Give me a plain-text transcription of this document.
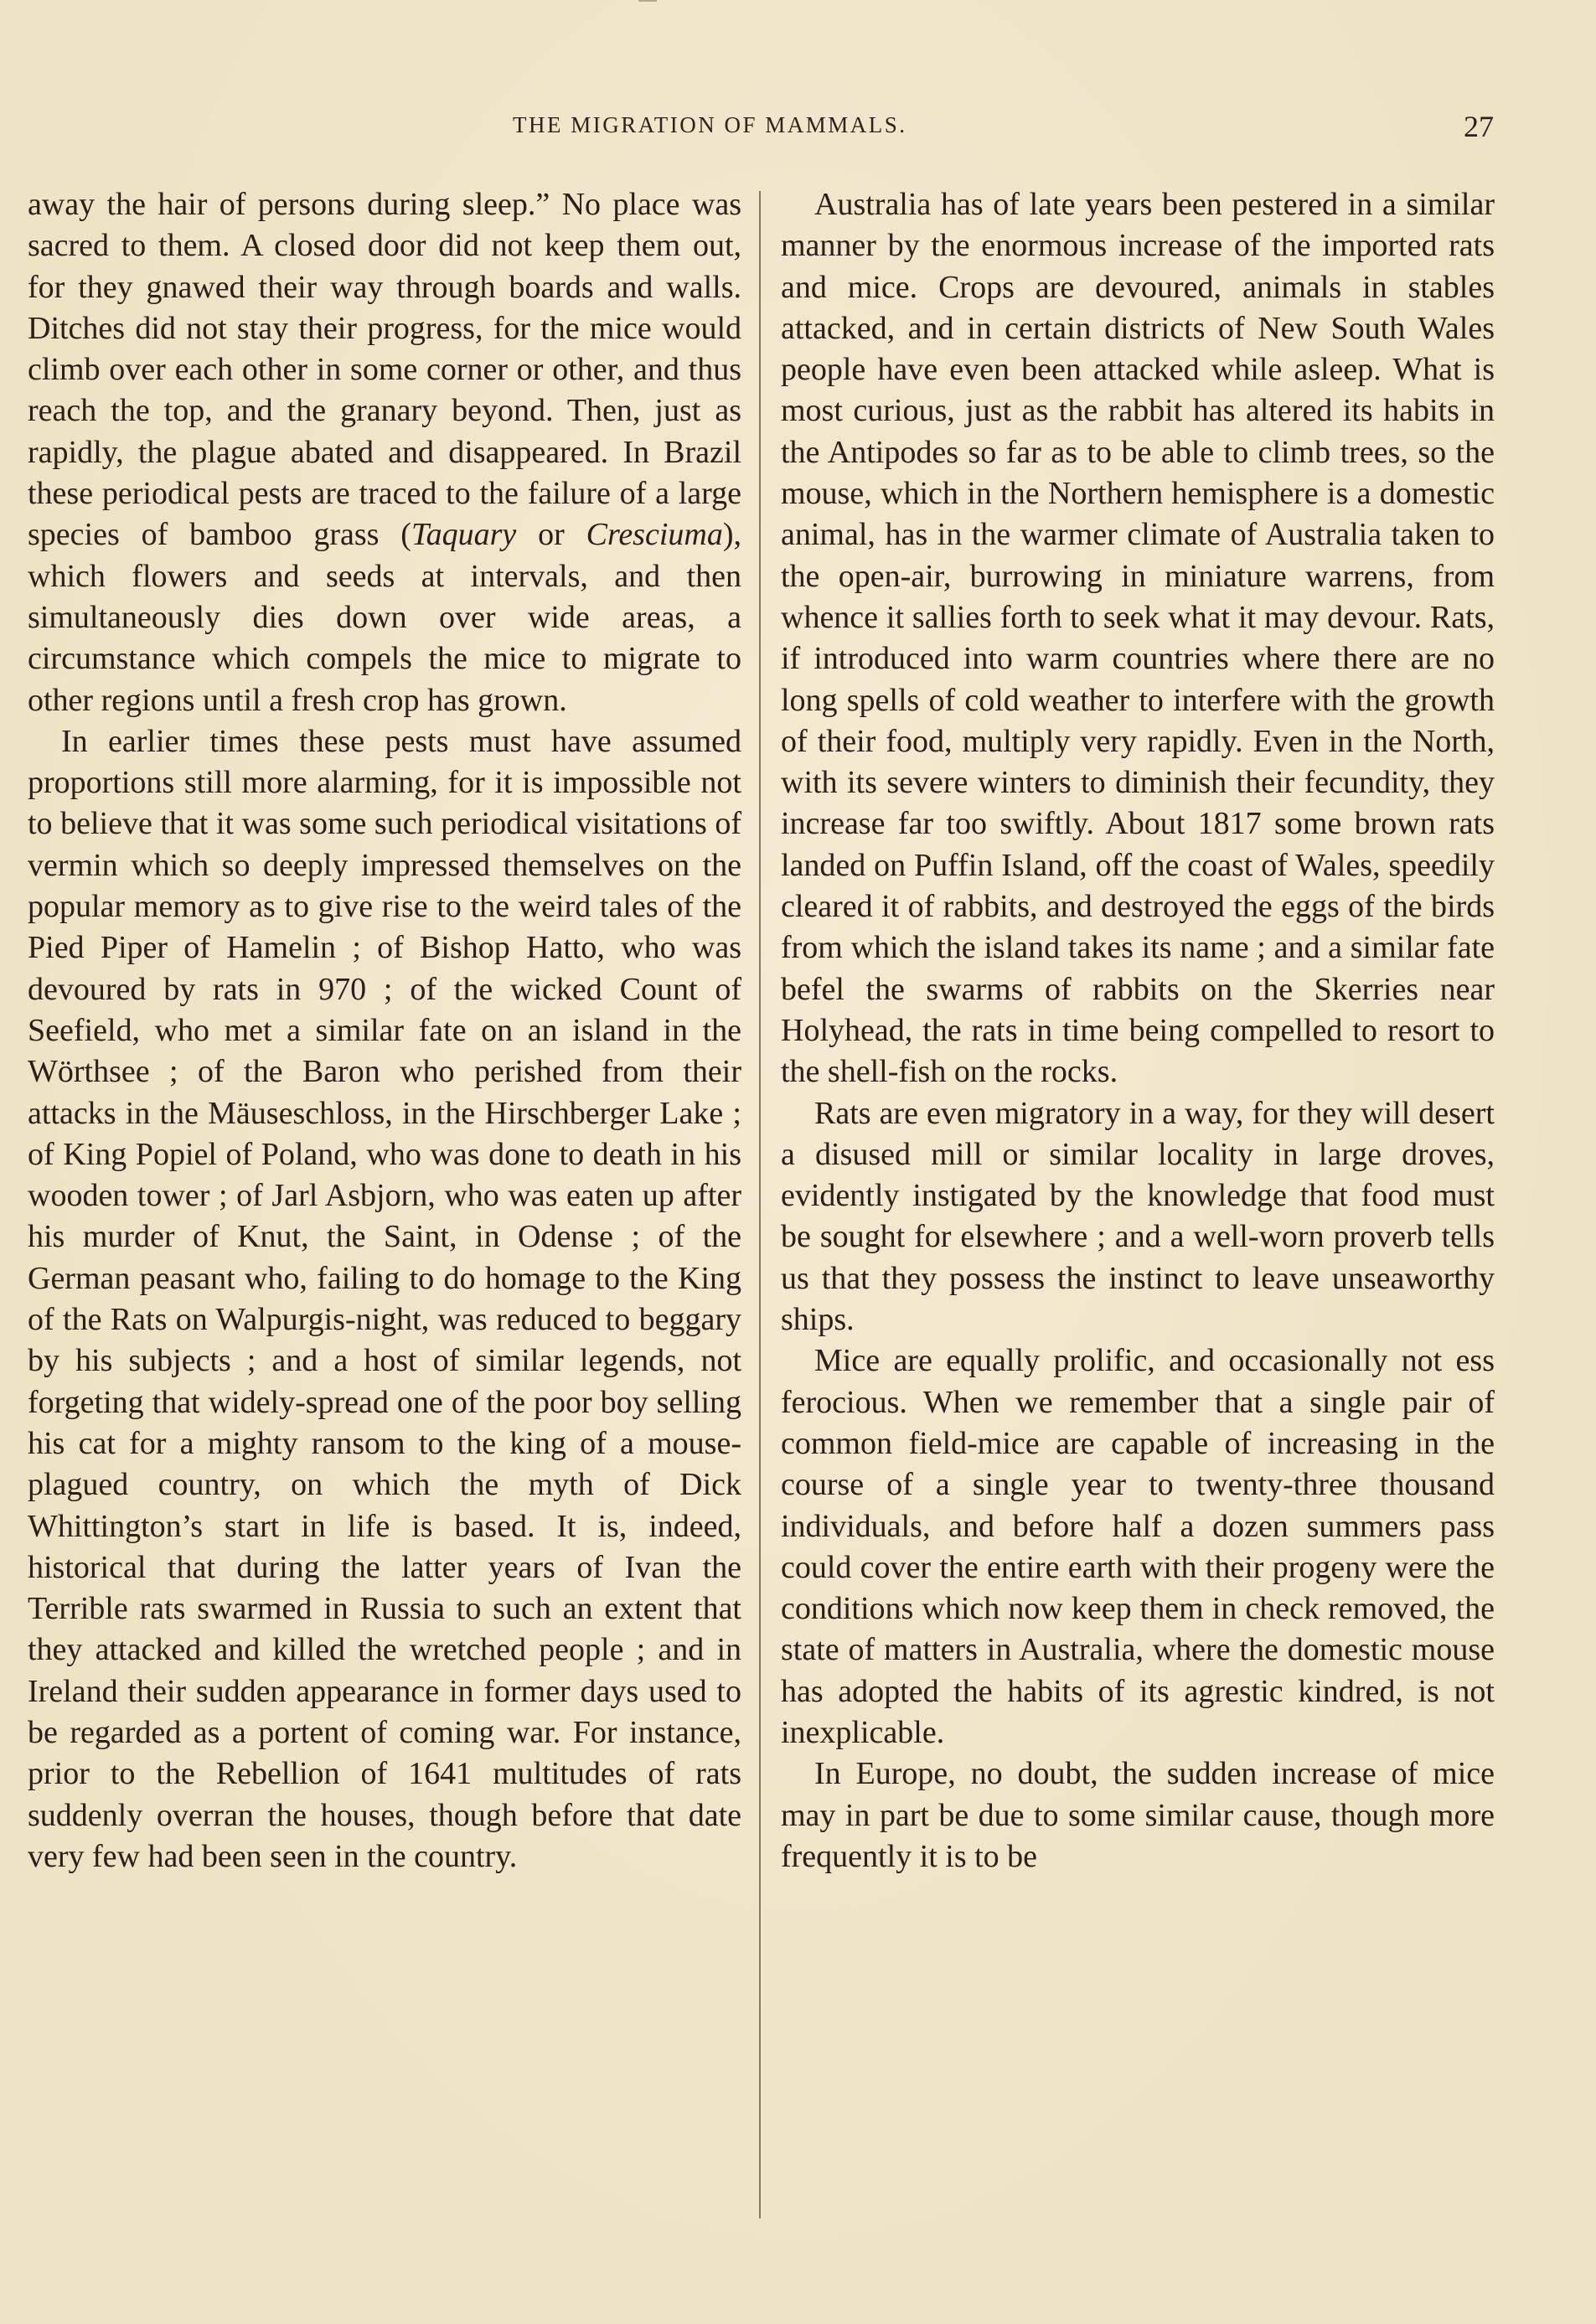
THE MIGRATION OF MAMMALS.	27

away the hair of persons during sleep.” No place was sacred to them. A closed door did not keep them out, for they gnawed their way through boards and walls. Ditches did not stay their progress, for the mice would climb over each other in some corner or other, and thus reach the top, and the granary beyond. Then, just as rapidly, the plague abated and disappeared. In Brazil these periodical pests are traced to the failure of a large species of bamboo grass (Taquary or Cresciuma), which flowers and seeds at intervals, and then simultaneously dies down over wide areas, a circumstance which compels the mice to migrate to other regions until a fresh crop has grown.

In earlier times these pests must have assumed proportions still more alarming, for it is impossible not to believe that it was some such periodical visitations of vermin which so deeply impressed themselves on the popular memory as to give rise to the weird tales of the Pied Piper of Hamelin ; of Bishop Hatto, who was devoured by rats in 970 ; of the wicked Count of Seefield, who met a similar fate on an island in the Wörthsee ; of the Baron who perished from their attacks in the Mäuseschloss, in the Hirschberger Lake ; of King Popiel of Poland, who was done to death in his wooden tower ; of Jarl Asbjorn, who was eaten up after his murder of Knut, the Saint, in Odense ; of the German peasant who, failing to do homage to the King of the Rats on Walpurgis-night, was reduced to beggary by his subjects ; and a host of similar legends, not forgeting that widely-spread one of the poor boy selling his cat for a mighty ransom to the king of a mouse-plagued country, on which the myth of Dick Whittington’s start in life is based. It is, indeed, historical that during the latter years of Ivan the Terrible rats swarmed in Russia to such an extent that they attacked and killed the wretched people ; and in Ireland their sudden appearance in former days used to be regarded as a portent of coming war. For instance, prior to the Rebellion of 1641 multitudes of rats suddenly overran the houses, though before that date very few had been seen in the country.

Australia has of late years been pestered in a similar manner by the enormous increase of the imported rats and mice. Crops are devoured, animals in stables attacked, and in certain districts of New South Wales people have even been attacked while asleep. What is most curious, just as the rabbit has altered its habits in the Antipodes so far as to be able to climb trees, so the mouse, which in the Northern hemisphere is a domestic animal, has in the warmer climate of Australia taken to the open-air, burrowing in miniature warrens, from whence it sallies forth to seek what it may devour. Rats, if introduced into warm countries where there are no long spells of cold weather to interfere with the growth of their food, multiply very rapidly. Even in the North, with its severe winters to diminish their fecundity, they increase far too swiftly. About 1817 some brown rats landed on Puffin Island, off the coast of Wales, speedily cleared it of rabbits, and destroyed the eggs of the birds from which the island takes its name ; and a similar fate befel the swarms of rabbits on the Skerries near Holyhead, the rats in time being compelled to resort to the shell-fish on the rocks.

Rats are even migratory in a way, for they will desert a disused mill or similar locality in large droves, evidently instigated by the knowledge that food must be sought for elsewhere ; and a well-worn proverb tells us that they possess the instinct to leave unseaworthy ships.

Mice are equally prolific, and occasionally not ess ferocious. When we remember that a single pair of common field-mice are capable of increasing in the course of a single year to twenty-three thousand individuals, and before half a dozen summers pass could cover the entire earth with their progeny were the conditions which now keep them in check removed, the state of matters in Australia, where the domestic mouse has adopted the habits of its agrestic kindred, is not inexplicable.

In Europe, no doubt, the sudden increase of mice may in part be due to some similar cause, though more frequently it is to be
